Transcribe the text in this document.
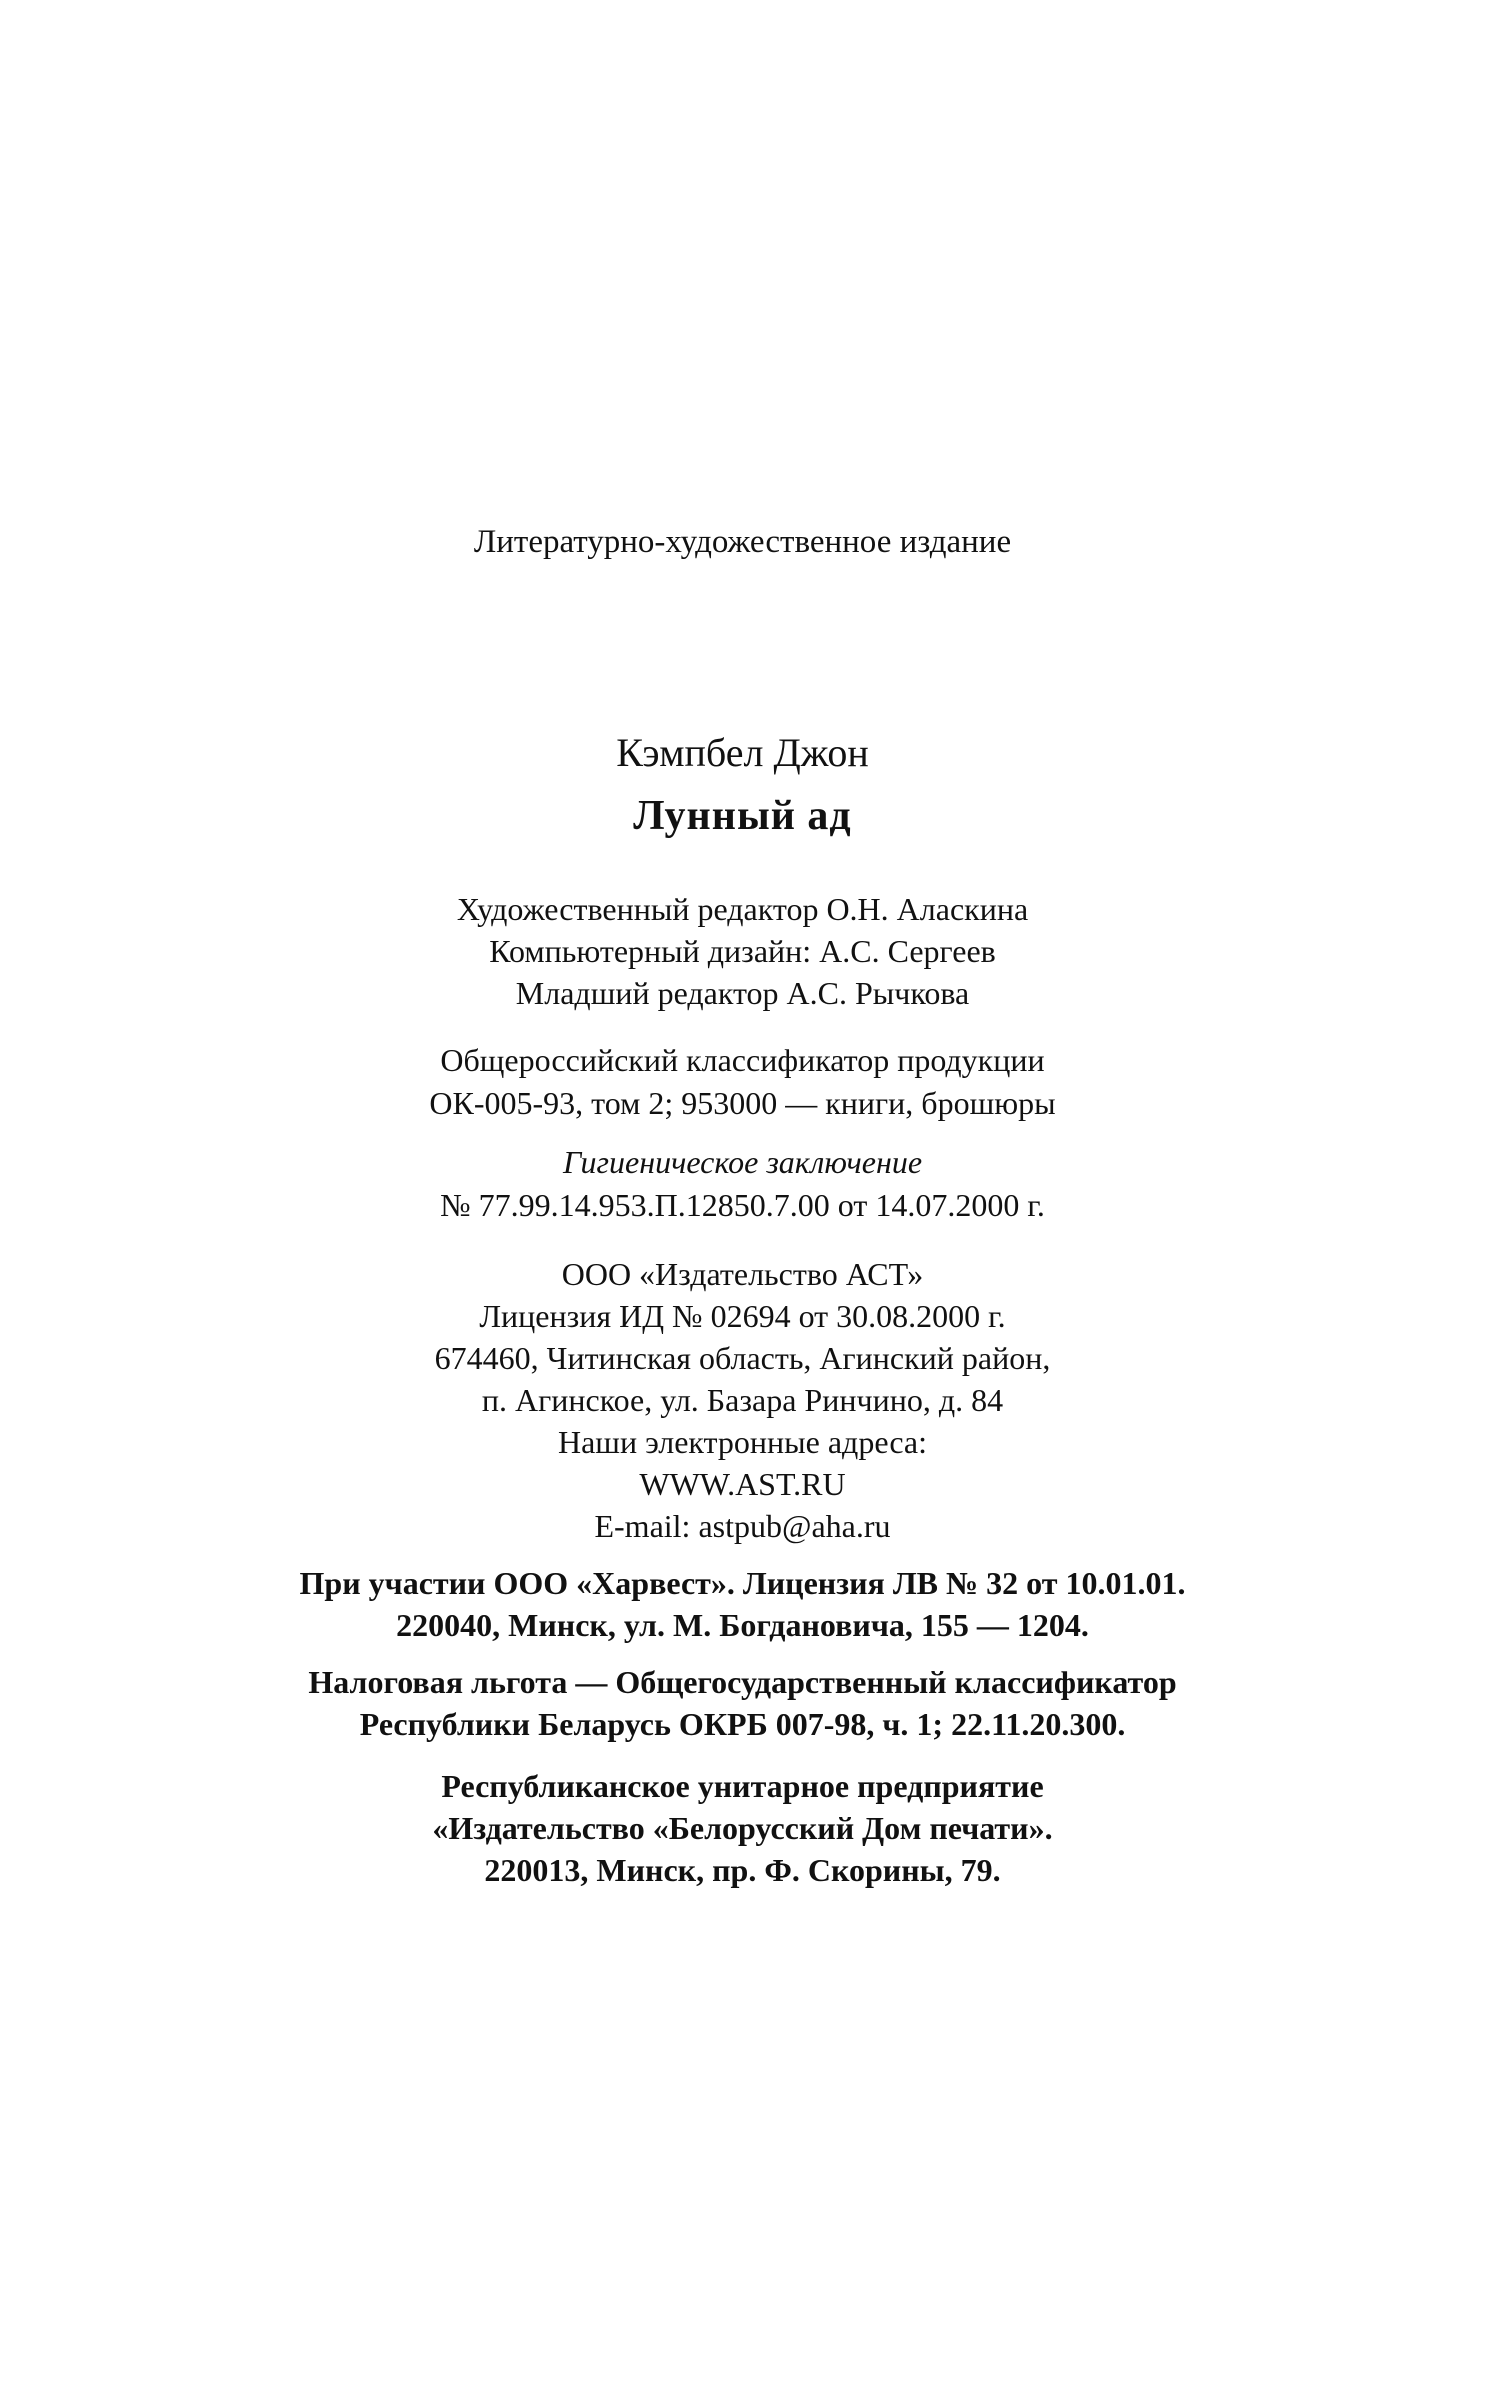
Литературно-художественное издание
Кэмпбел Джон
Лунный ад
Художественный редактор О.Н. Аласкина
Компьютерный дизайн: А.С. Сергеев
Младший редактор А.С. Рычкова
Общероссийский классификатор продукции
ОК-005-93, том 2; 953000 — книги, брошюры
Гигиеническое заключение
№ 77.99.14.953.П.12850.7.00 от 14.07.2000 г.
ООО «Издательство АСТ»
Лицензия ИД № 02694 от 30.08.2000 г.
674460, Читинская область, Агинский район,
п. Агинское, ул. Базара Ринчино, д. 84
Наши электронные адреса:
WWW.AST.RU
E-mail: astpub@aha.ru
При участии ООО «Харвест». Лицензия ЛВ № 32 от 10.01.01.
220040, Минск, ул. М. Богдановича, 155 — 1204.
Налоговая льгота — Общегосударственный классификатор
Республики Беларусь ОКРБ 007-98, ч. 1; 22.11.20.300.
Республиканское унитарное предприятие
«Издательство «Белорусский Дом печати».
220013, Минск, пр. Ф. Скорины, 79.
